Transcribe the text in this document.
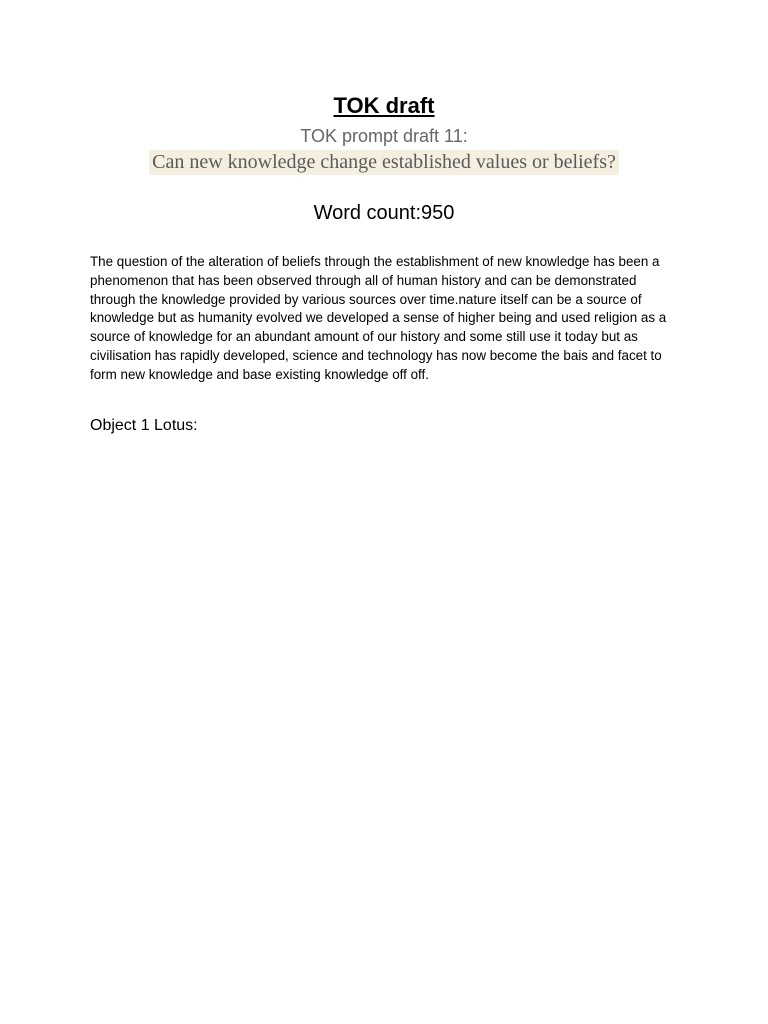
TOK draft
TOK prompt draft 11:
Can new knowledge change established values or beliefs?
Word count:950
The question of the alteration of beliefs through the establishment of new knowledge has been a phenomenon that has been observed through all of human history and can be demonstrated through the knowledge provided by various sources over time.nature itself can be a source of knowledge but as humanity evolved we developed a sense of higher being and used religion as a source of knowledge for an abundant amount of our history and some still use it today but as civilisation has rapidly developed, science and technology has now become the bais and facet to form new knowledge and base existing knowledge off off.
Object 1 Lotus:
